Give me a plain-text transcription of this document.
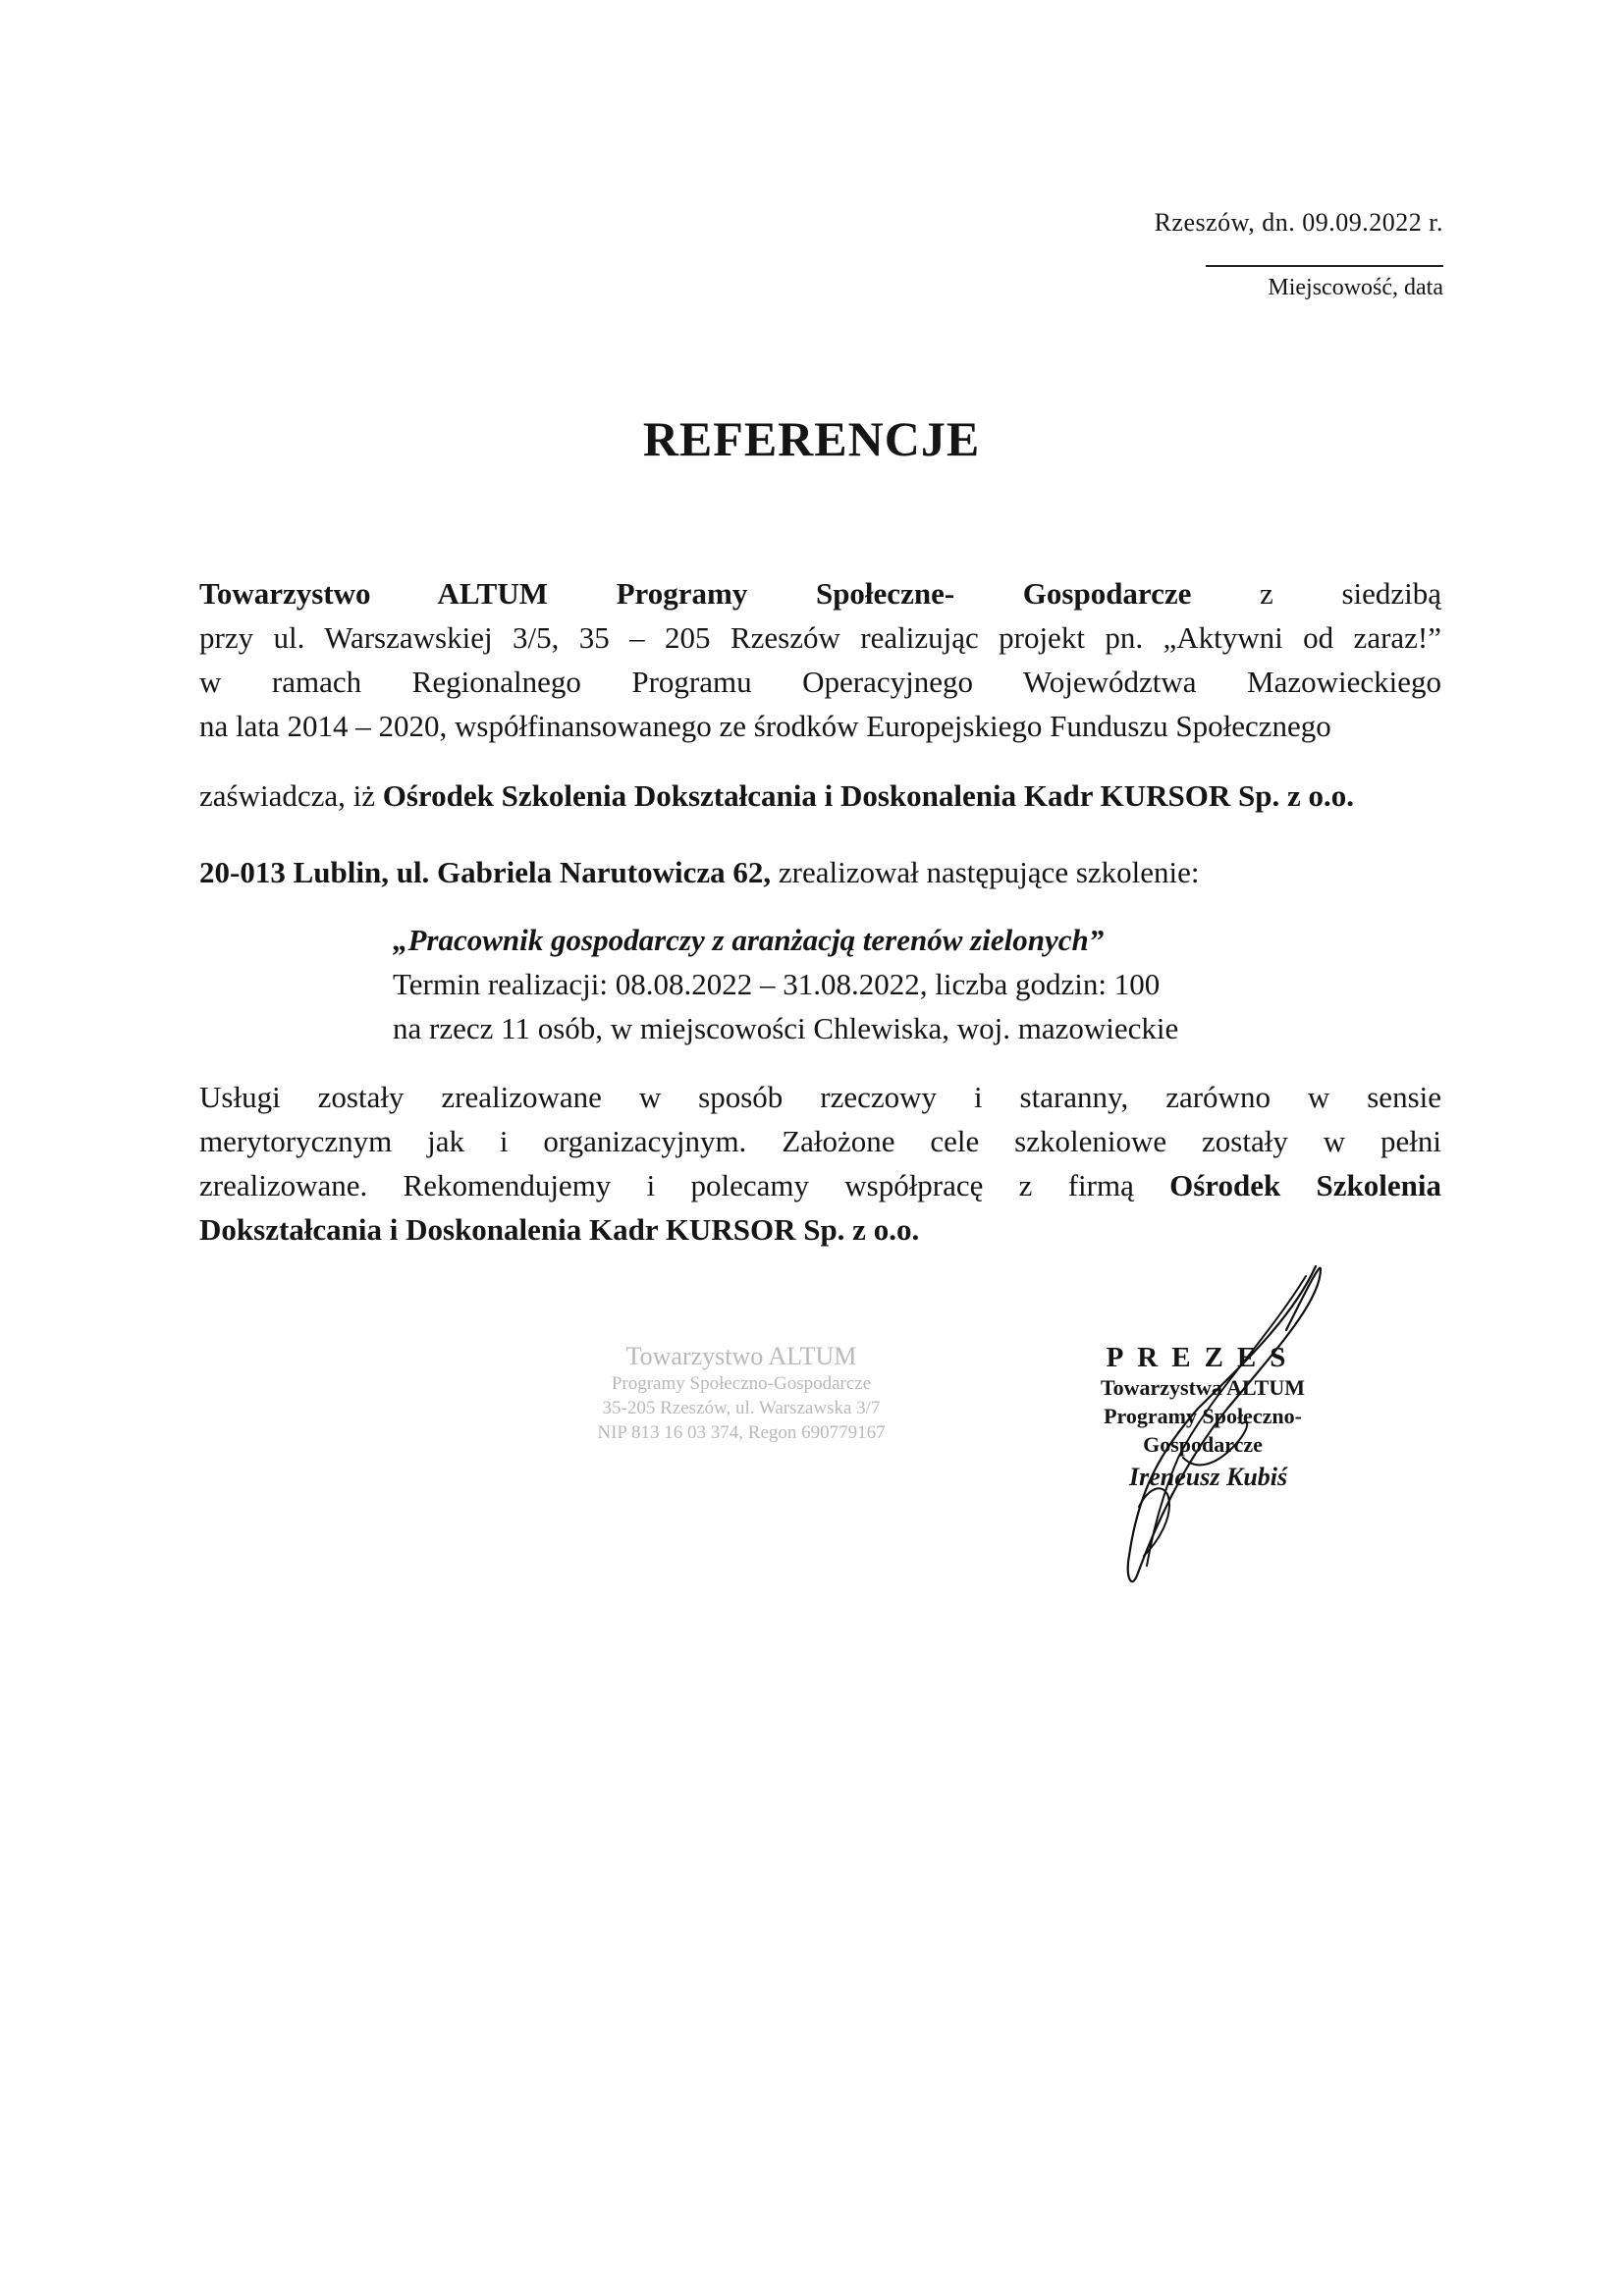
Rzeszów, dn. 09.09.2022 r.
Miejscowość, data
REFERENCJE
Towarzystwo ALTUM Programy Społeczne- Gospodarcze z siedzibą
przy ul. Warszawskiej 3/5, 35 – 205 Rzeszów realizując projekt pn. „Aktywni od zaraz!”
w ramach Regionalnego Programu Operacyjnego Województwa Mazowieckiego
na lata 2014 – 2020, współfinansowanego ze środków Europejskiego Funduszu Społecznego
zaświadcza, iż Ośrodek Szkolenia Dokształcania i Doskonalenia Kadr KURSOR Sp. z o.o.
20-013 Lublin, ul. Gabriela Narutowicza 62, zrealizował następujące szkolenie:
„Pracownik gospodarczy z aranżacją terenów zielonych”
Termin realizacji: 08.08.2022 – 31.08.2022, liczba godzin: 100
na rzecz 11 osób, w miejscowości Chlewiska, woj. mazowieckie
Usługi zostały zrealizowane w sposób rzeczowy i staranny, zarówno w sensie
merytorycznym jak i organizacyjnym. Założone cele szkoleniowe zostały w pełni
zrealizowane. Rekomendujemy i polecamy współpracę z firmą Ośrodek Szkolenia
Dokształcania i Doskonalenia Kadr KURSOR Sp. z o.o.
Towarzystwo ALTUM
Programy Społeczno-Gospodarcze
35-205 Rzeszów, ul. Warszawska 3/7
NIP 813 16 03 374, Regon 690779167
PREZES
Towarzystwa ALTUM
Programy Społeczno-Gospodarcze
Ireneusz Kubiś
